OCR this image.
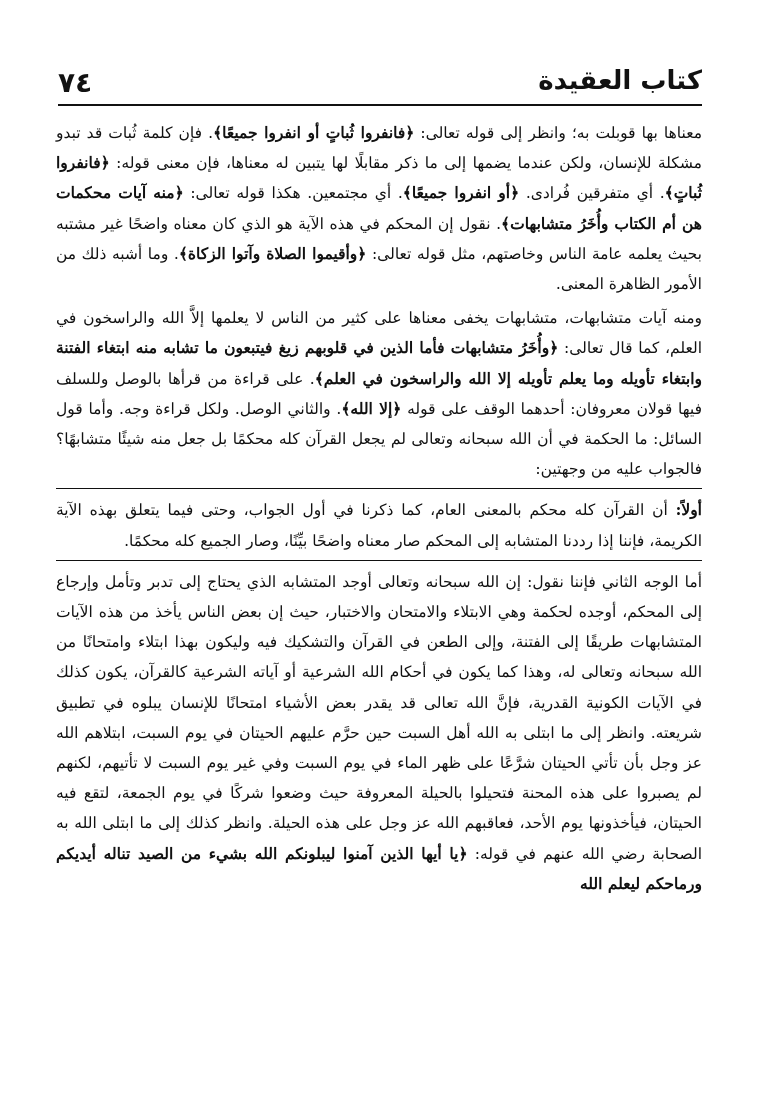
٧٤	كتاب العقيدة

معناها بها قوبلت به؛ وانظر إلى قوله تعالى: ﴿فانفروا ثُباتٍ أو انفروا جميعًا﴾. فإن كلمة ثُبات قد تبدو مشكلة للإنسان، ولكن عندما يضمها إلى ما ذكر مقابلًا لها يتبين له معناها، فإن معنى قوله: ﴿فانفروا ثُباتٍ﴾. أي متفرقين فُرادى. ﴿أو انفروا جميعًا﴾. أي مجتمعين. هكذا قوله تعالى: ﴿منه آيات محكمات هن أم الكتاب وأُخَرُ متشابهات﴾. نقول إن المحكم في هذه الآية هو الذي كان معناه واضحًا غير مشتبه بحيث يعلمه عامة الناس وخاصتهم، مثل قوله تعالى: ﴿وأقيموا الصلاة وآتوا الزكاة﴾. وما أشبه ذلك من الأمور الظاهرة المعنى.

ومنه آيات متشابهات، متشابهات يخفى معناها على كثير من الناس لا يعلمها إلاَّ الله والراسخون في العلم، كما قال تعالى: ﴿وأُخَرُ متشابهات فأما الذين في قلوبهم زيغ فيتبعون ما تشابه منه ابتغاء الفتنة وابتغاء تأويله وما يعلم تأويله إلا الله والراسخون في العلم﴾. على قراءة من قرأها بالوصل وللسلف فيها قولان معروفان: أحدهما الوقف على قوله ﴿إلا الله﴾. والثاني الوصل. ولكل قراءة وجه. وأما قول السائل: ما الحكمة في أن الله سبحانه وتعالى لم يجعل القرآن كله محكمًا بل جعل منه شيئًا متشابهًا؟ فالجواب عليه من وجهتين:

أولاً: أن القرآن كله محكم بالمعنى العام، كما ذكرنا في أول الجواب، وحتى فيما يتعلق بهذه الآية الكريمة، فإننا إذا رددنا المتشابه إلى المحكم صار معناه واضحًا بيِّنًا، وصار الجميع كله محكمًا.

أما الوجه الثاني فإننا نقول: إن الله سبحانه وتعالى أوجد المتشابه الذي يحتاج إلى تدبر وتأمل وإرجاع إلى المحكم، أوجده لحكمة وهي الابتلاء والامتحان والاختبار، حيث إن بعض الناس يأخذ من هذه الآيات المتشابهات طريقًا إلى الفتنة، وإلى الطعن في القرآن والتشكيك فيه وليكون بهذا ابتلاء وامتحانًا من الله سبحانه وتعالى له، وهذا كما يكون في أحكام الله الشرعية أو آياته الشرعية كالقرآن، يكون كذلك في الآيات الكونية القدرية، فإنَّ الله تعالى قد يقدر بعض الأشياء امتحانًا للإنسان يبلوه في تطبيق شريعته. وانظر إلى ما ابتلى به الله أهل السبت حين حرَّم عليهم الحيتان في يوم السبت، ابتلاهم الله عز وجل بأن تأتي الحيتان شرَّعًا على ظهر الماء في يوم السبت وفي غير يوم السبت لا تأتيهم، لكنهم لم يصبروا على هذه المحنة فتحيلوا بالحيلة المعروفة حيث وضعوا شركًا في يوم الجمعة، لتقع فيه الحيتان، فيأخذونها يوم الأحد، فعاقبهم الله عز وجل على هذه الحيلة. وانظر كذلك إلى ما ابتلى الله به الصحابة رضي الله عنهم في قوله: ﴿يا أيها الذين آمنوا ليبلونكم الله بشيء من الصيد تناله أيديكم ورماحكم ليعلم الله
